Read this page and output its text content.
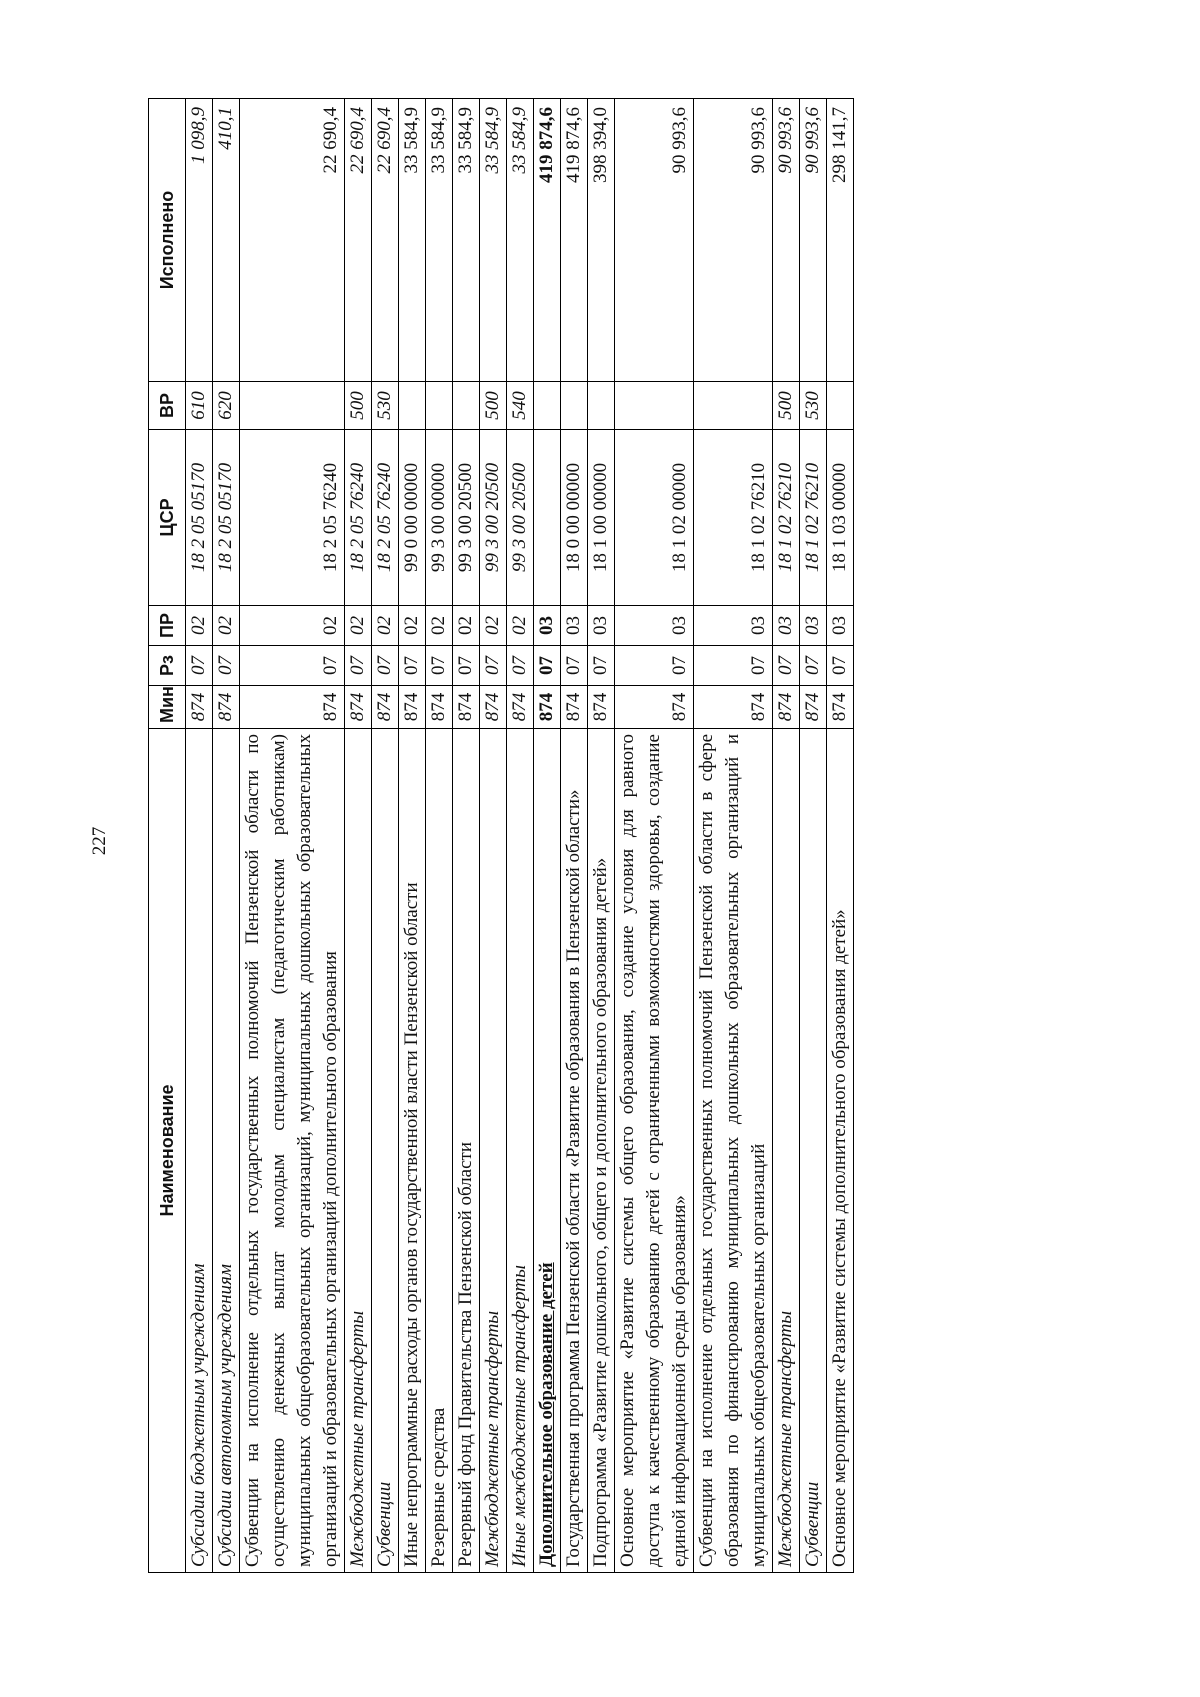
227
Наименование	Мин	Рз	ПР	ЦСР	ВР	Исполнено
Субсидии бюджетным учреждениям	874	07	02	18 2 05 05170	610	1 098,9
Субсидии автономным учреждениям	874	07	02	18 2 05 05170	620	410,1
Субвенции на исполнение отдельных государственных полномочий Пензенской области по осуществлению денежных выплат молодым специалистам (педагогическим работникам) муниципальных общеобразовательных организаций, муниципальных дошкольных образовательных организаций и образовательных организаций дополнительного образования	874	07	02	18 2 05 76240		22 690,4
Межбюджетные трансферты	874	07	02	18 2 05 76240	500	22 690,4
Субвенции	874	07	02	18 2 05 76240	530	22 690,4
Иные непрограммные расходы органов государственной власти Пензенской области	874	07	02	99 0 00 00000		33 584,9
Резервные средства	874	07	02	99 3 00 00000		33 584,9
Резервный фонд Правительства Пензенской области	874	07	02	99 3 00 20500		33 584,9
Межбюджетные трансферты	874	07	02	99 3 00 20500	500	33 584,9
Иные межбюджетные трансферты	874	07	02	99 3 00 20500	540	33 584,9
Дополнительное образование детей	874	07	03			419 874,6
Государственная программа Пензенской области «Развитие образования в Пензенской области»	874	07	03	18 0 00 00000		419 874,6
Подпрограмма «Развитие дошкольного, общего и дополнительного образования детей»	874	07	03	18 1 00 00000		398 394,0
Основное мероприятие «Развитие системы общего образования, создание условия для равного доступа к качественному образованию детей с ограниченными возможностями здоровья, создание единой информационной среды образования»	874	07	03	18 1 02 00000		90 993,6
Субвенции на исполнение отдельных государственных полномочий Пензенской области в сфере образования по финансированию муниципальных дошкольных образовательных организаций и муниципальных общеобразовательных организаций	874	07	03	18 1 02 76210		90 993,6
Межбюджетные трансферты	874	07	03	18 1 02 76210	500	90 993,6
Субвенции	874	07	03	18 1 02 76210	530	90 993,6
Основное мероприятие «Развитие системы дополнительного образования детей»	874	07	03	18 1 03 00000		298 141,7
